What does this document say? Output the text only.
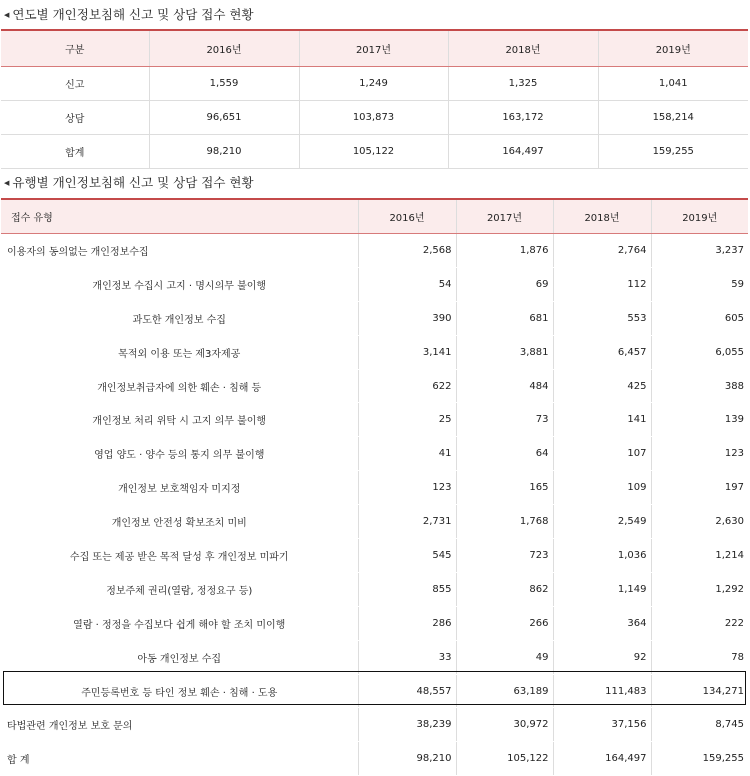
◀ 연도별 개인정보침해 신고 및 상담 접수 현황
구분	2016년	2017년	2018년	2019년
신고	1,559	1,249	1,325	1,041
상담	96,651	103,873	163,172	158,214
합계	98,210	105,122	164,497	159,255
◀ 유행별 개인정보침해 신고 및 상담 접수 현황
접수 유형	2016년	2017년	2018년	2019년
이용자의 동의없는 개인정보수집	2,568	1,876	2,764	3,237
개인정보 수집시 고지 · 명시의무 불이행	54	69	112	59
과도한 개인정보 수집	390	681	553	605
목적외 이용 또는 제3자제공	3,141	3,881	6,457	6,055
개인정보취급자에 의한 훼손 · 침해 등	622	484	425	388
개인정보 처리 위탁 시 고지 의무 불이행	25	73	141	139
영업 양도 · 양수 등의 통지 의무 불이행	41	64	107	123
개인정보 보호책임자 미지정	123	165	109	197
개인정보 안전성 확보조치 미비	2,731	1,768	2,549	2,630
수집 또는 제공 받은 목적 달성 후 개인정보 미파기	545	723	1,036	1,214
정보주체 권리(열람, 정정요구 등)	855	862	1,149	1,292
열람 · 정정을 수집보다 쉽게 해야 할 조치 미이행	286	266	364	222
아동 개인정보 수집	33	49	92	78
주민등록번호 등 타인 정보 훼손 · 침해 · 도용	48,557	63,189	111,483	134,271
타법관련 개인정보 보호 문의	38,239	30,972	37,156	8,745
합 계	98,210	105,122	164,497	159,255
